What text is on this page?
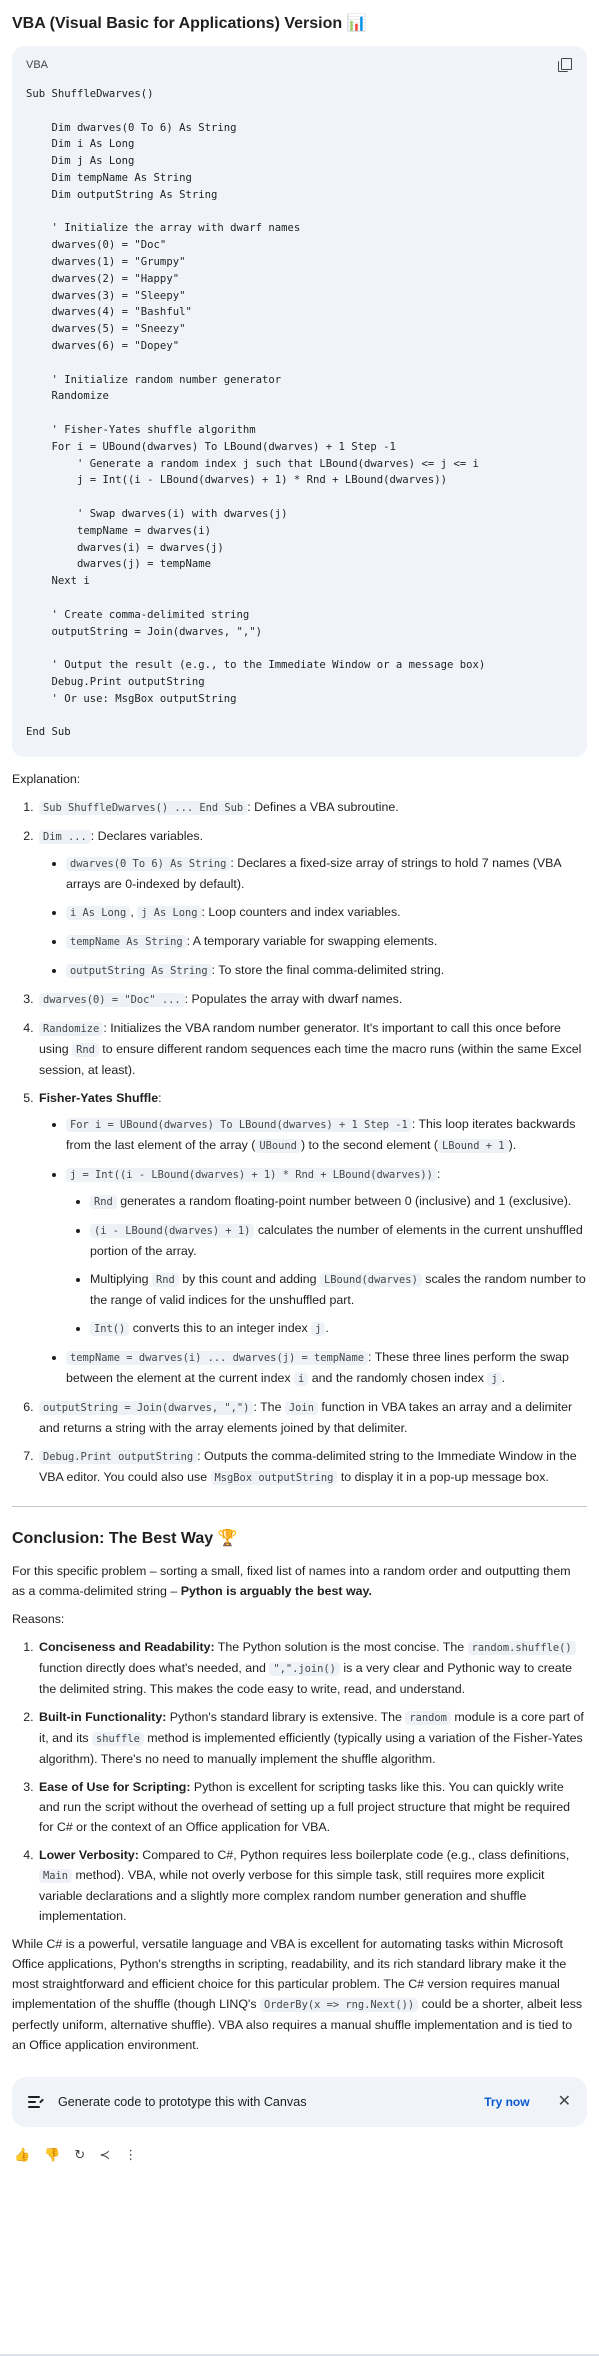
VBA (Visual Basic for Applications) Version 📊
VBA
Sub ShuffleDwarves()

Dim dwarves(0 To 6) As String
Dim i As Long
Dim j As Long
Dim tempName As String
Dim outputString As String

' Initialize the array with dwarf names
dwarves(0) = "Doc"
dwarves(1) = "Grumpy"
dwarves(2) = "Happy"
dwarves(3) = "Sleepy"
dwarves(4) = "Bashful"
dwarves(5) = "Sneezy"
dwarves(6) = "Dopey"

' Initialize random number generator
Randomize

' Fisher-Yates shuffle algorithm
For i = UBound(dwarves) To LBound(dwarves) + 1 Step -1
' Generate a random index j such that LBound(dwarves) <= j <= i
j = Int((i - LBound(dwarves) + 1) * Rnd + LBound(dwarves))

' Swap dwarves(i) with dwarves(j)
tempName = dwarves(i)
dwarves(i) = dwarves(j)
dwarves(j) = tempName
Next i

' Create comma-delimited string
outputString = Join(dwarves, ",")

' Output the result (e.g., to the Immediate Window or a message box)
Debug.Print outputString
' Or use: MsgBox outputString

End Sub

Explanation:

1. Sub ShuffleDwarves() ... End Sub : Defines a VBA subroutine.
2. Dim ... : Declares variables.
• dwarves(0 To 6) As String : Declares a fixed-size array of strings to hold 7 names (VBA arrays are 0-indexed by default).
• i As Long , j As Long : Loop counters and index variables.
• tempName As String : A temporary variable for swapping elements.
• outputString As String : To store the final comma-delimited string.
3. dwarves(0) = "Doc" ... : Populates the array with dwarf names.
4. Randomize : Initializes the VBA random number generator. It's important to call this once before using Rnd to ensure different random sequences each time the macro runs (within the same Excel session, at least).
5. Fisher-Yates Shuffle:
• For i = UBound(dwarves) To LBound(dwarves) + 1 Step -1 : This loop iterates backwards from the last element of the array ( UBound ) to the second element ( LBound + 1 ).
• j = Int((i - LBound(dwarves) + 1) * Rnd + LBound(dwarves)) :
• Rnd generates a random floating-point number between 0 (inclusive) and 1 (exclusive).
• (i - LBound(dwarves) + 1) calculates the number of elements in the current unshuffled portion of the array.
• Multiplying Rnd by this count and adding LBound(dwarves) scales the random number to the range of valid indices for the unshuffled part.
• Int() converts this to an integer index j .
• tempName = dwarves(i) ... dwarves(j) = tempName : These three lines perform the swap between the element at the current index i and the randomly chosen index j .
6. outputString = Join(dwarves, ",") : The Join function in VBA takes an array and a delimiter and returns a string with the array elements joined by that delimiter.
7. Debug.Print outputString : Outputs the comma-delimited string to the Immediate Window in the VBA editor. You could also use MsgBox outputString to display it in a pop-up message box.
Conclusion: The Best Way 🏆

For this specific problem – sorting a small, fixed list of names into a random order and outputting them as a comma-delimited string – Python is arguably the best way.

Reasons:

1. Conciseness and Readability: The Python solution is the most concise. The random.shuffle() function directly does what's needed, and ",".join() is a very clear and Pythonic way to create the delimited string. This makes the code easy to write, read, and understand.
2. Built-in Functionality: Python's standard library is extensive. The random module is a core part of it, and its shuffle method is implemented efficiently (typically using a variation of the Fisher-Yates algorithm). There's no need to manually implement the shuffle algorithm.
3. Ease of Use for Scripting: Python is excellent for scripting tasks like this. You can quickly write and run the script without the overhead of setting up a full project structure that might be required for C# or the context of an Office application for VBA.
4. Lower Verbosity: Compared to C#, Python requires less boilerplate code (e.g., class definitions, Main method). VBA, while not overly verbose for this simple task, still requires more explicit variable declarations and a slightly more complex random number generation and shuffle implementation.

While C# is a powerful, versatile language and VBA is excellent for automating tasks within Microsoft Office applications, Python's strengths in scripting, readability, and its rich standard library make it the most straightforward and efficient choice for this particular problem. The C# version requires manual implementation of the shuffle (though LINQ's OrderBy(x => rng.Next()) could be a shorter, albeit less perfectly uniform, alternative shuffle). VBA also requires a manual shuffle implementation and is tied to an Office application environment.

Generate code to prototype this with Canvas	Try now ✕
👍 👎 ↻ ≺ ⋮
